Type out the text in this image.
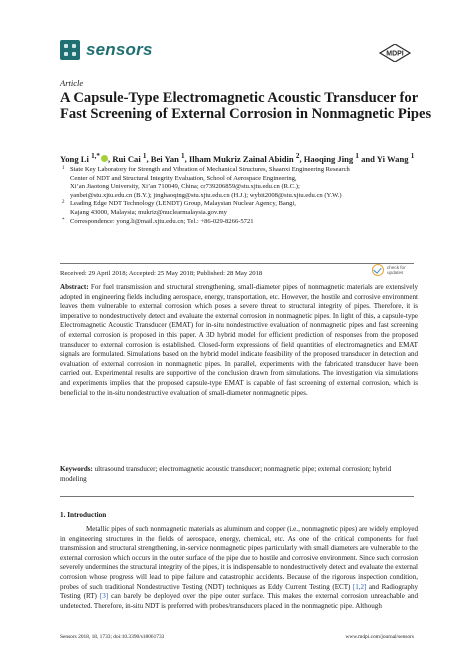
sensors	MDPI
Article
A Capsule-Type Electromagnetic Acoustic Transducer for Fast Screening of External Corrosion in Nonmagnetic Pipes
Yong Li $^{1,*}$ , Rui Cai $^1$, Bei Yan $^1$, Ilham Mukriz Zainal Abidin $^2$, Haoqing Jing $^1$ and Yi Wang $^1$
1 State Key Laboratory for Strength and Vibration of Mechanical Structures, Shaanxi Engineering Research
Center of NDT and Structural Integrity Evaluation, School of Aerospace Engineering,
Xi’an Jiaotong University, Xi’an 710049, China; cr739206859@stu.xjtu.edu.cn (R.C.);
yanbei@stu.xjtu.edu.cn (B.Y.); jinghaoqing@stu.xjtu.edu.cn (H.J.); wybit2008@stu.xjtu.edu.cn (Y.W.)
2 Leading Edge NDT Technology (LENDT) Group, Malaysian Nuclear Agency, Bangi,
Kajang 43000, Malaysia; mukriz@nuclearmalaysia.gov.my
* Correspondence: yong.li@mail.xjtu.edu.cn; Tel.: +86-029-8266-5721
Received: 29 April 2018; Accepted: 25 May 2018; Published: 28 May 2018
check for
updates

Abstract: For fuel transmission and structural strengthening, small-diameter pipes of nonmagnetic materials are extensively adopted in engineering fields including aerospace, energy, transportation, etc. However, the hostile and corrosive environment leaves them vulnerable to external corrosion which poses a severe threat to structural integrity of pipes. Therefore, it is imperative to nondestructively detect and evaluate the external corrosion in nonmagnetic pipes. In light of this, a capsule-type Electromagnetic Acoustic Transducer (EMAT) for in-situ nondestructive evaluation of nonmagnetic pipes and fast screening of external corrosion is proposed in this paper. A 3D hybrid model for efficient prediction of responses from the proposed transducer to external corrosion is established. Closed-form expressions of field quantities of electromagnetics and EMAT signals are formulated. Simulations based on the hybrid model indicate feasibility of the proposed transducer in detection and evaluation of external corrosion in nonmagnetic pipes. In parallel, experiments with the fabricated transducer have been carried out. Experimental results are supportive of the conclusion drawn from simulations. The investigation via simulations and experiments implies that the proposed capsule-type EMAT is capable of fast screening of external corrosion, which is beneficial to the in-situ nondestructive evaluation of small-diameter nonmagnetic pipes.

Keywords: ultrasound transducer; electromagnetic acoustic transducer; nonmagnetic pipe; external corrosion; hybrid modeling

1. Introduction

Metallic pipes of such nonmagnetic materials as aluminum and copper (i.e., nonmagnetic pipes) are widely employed in engineering structures in the fields of aerospace, energy, chemical, etc. As one of the critical components for fuel transmission and structural strengthening, in-service nonmagnetic pipes particularly with small diameters are vulnerable to the external corrosion which occurs in the outer surface of the pipe due to hostile and corrosive environment. Since such corrosion severely undermines the structural integrity of the pipes, it is indispensable to nondestructively detect and evaluate the external corrosion whose progress will lead to pipe failure and catastrophic accidents. Because of the rigorous inspection condition, probes of such traditional Nondestructive Testing (NDT) techniques as Eddy Current Testing (ECT) [1,2] and Radiography Testing (RT) [3] can barely be deployed over the pipe outer surface. This makes the external corrosion unreachable and undetected. Therefore, in-situ NDT is preferred with probes/transducers placed in the nonmagnetic pipe. Although

Sensors 2018, 18, 1733; doi:10.3390/s18061733	www.mdpi.com/journal/sensors
